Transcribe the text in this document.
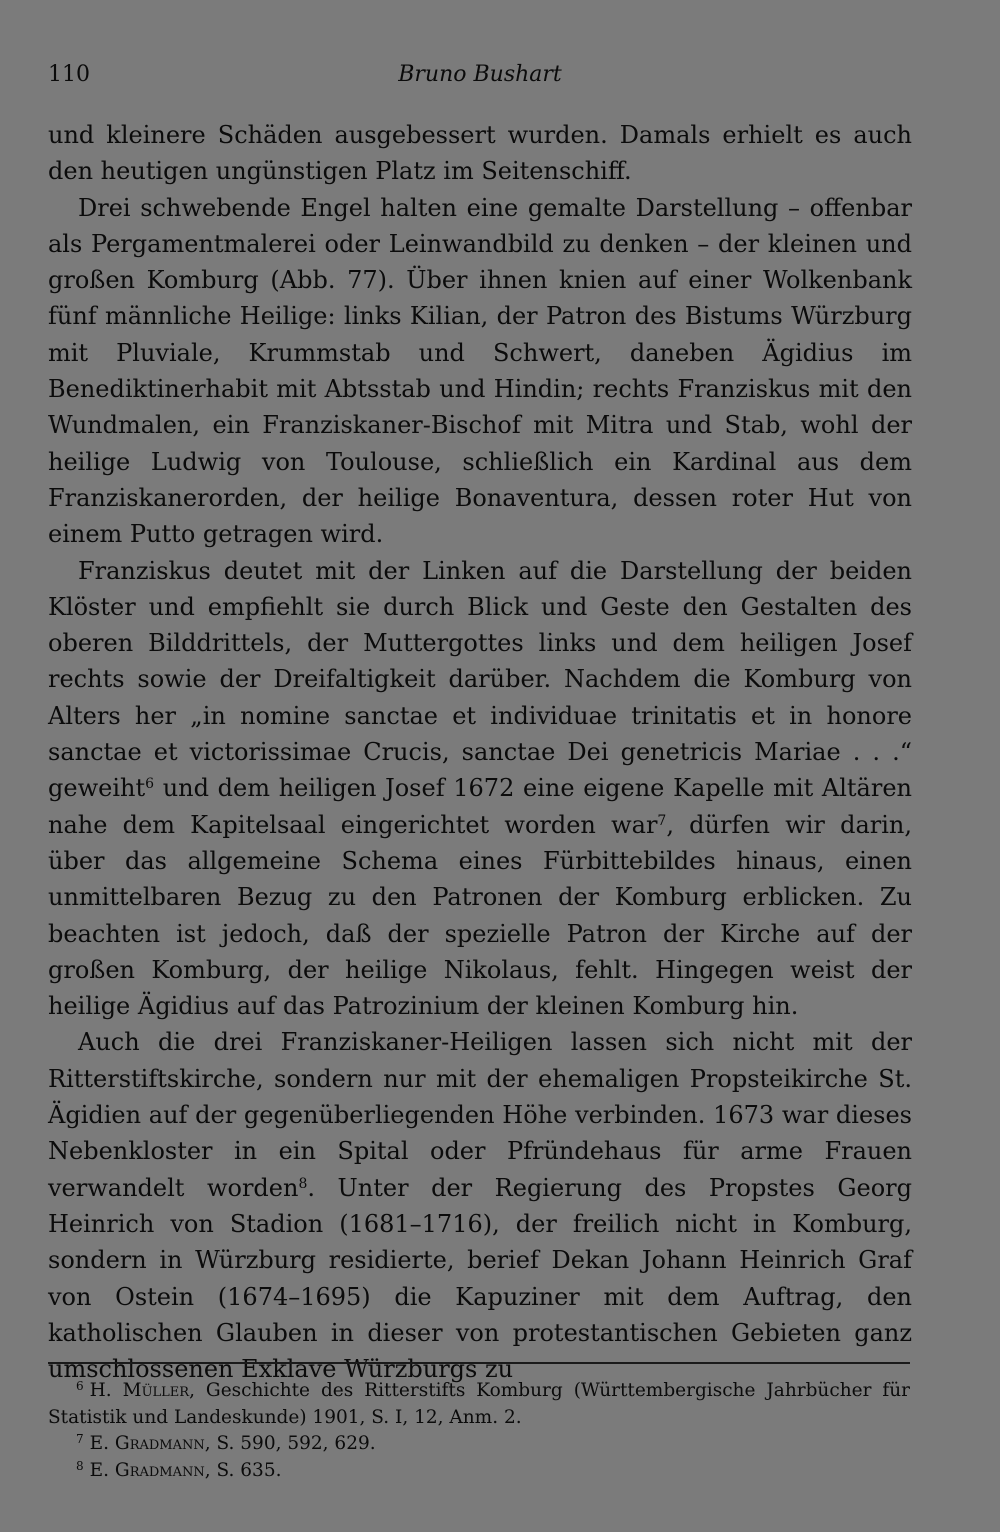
110	Bruno Bushart

und kleinere Schäden ausgebessert wurden. Damals erhielt es auch den heutigen ungünstigen Platz im Seitenschiff.

Drei schwebende Engel halten eine gemalte Darstellung – offenbar als Pergamentmalerei oder Leinwandbild zu denken – der kleinen und großen Komburg (Abb. 77). Über ihnen knien auf einer Wolkenbank fünf männliche Heilige: links Kilian, der Patron des Bistums Würzburg mit Pluviale, Krummstab und Schwert, daneben Ägidius im Benediktinerhabit mit Abtsstab und Hindin; rechts Franziskus mit den Wundmalen, ein Franziskaner-Bischof mit Mitra und Stab, wohl der heilige Ludwig von Toulouse, schließlich ein Kardinal aus dem Franziskanerorden, der heilige Bonaventura, dessen roter Hut von einem Putto getragen wird.

Franziskus deutet mit der Linken auf die Darstellung der beiden Klöster und empfiehlt sie durch Blick und Geste den Gestalten des oberen Bilddrittels, der Muttergottes links und dem heiligen Josef rechts sowie der Dreifaltigkeit darüber. Nachdem die Komburg von Alters her „in nomine sanctae et individuae trinitatis et in honore sanctae et victorissimae Crucis, sanctae Dei genetricis Mariae . . .“ geweiht$^6$ und dem heiligen Josef 1672 eine eigene Kapelle mit Altären nahe dem Kapitelsaal eingerichtet worden war$^7$, dürfen wir darin, über das allgemeine Schema eines Fürbittebildes hinaus, einen unmittelbaren Bezug zu den Patronen der Komburg erblicken. Zu beachten ist jedoch, daß der spezielle Patron der Kirche auf der großen Komburg, der heilige Nikolaus, fehlt. Hingegen weist der heilige Ägidius auf das Patrozinium der kleinen Komburg hin.

Auch die drei Franziskaner-Heiligen lassen sich nicht mit der Ritterstiftskirche, sondern nur mit der ehemaligen Propsteikirche St. Ägidien auf der gegenüberliegenden Höhe verbinden. 1673 war dieses Nebenkloster in ein Spital oder Pfründehaus für arme Frauen verwandelt worden$^8$. Unter der Regierung des Propstes Georg Heinrich von Stadion (1681–1716), der freilich nicht in Komburg, sondern in Würzburg residierte, berief Dekan Johann Heinrich Graf von Ostein (1674–1695) die Kapuziner mit dem Auftrag, den katholischen Glauben in dieser von protestantischen Gebieten ganz umschlossenen Exklave Würzburgs zu

$^6$ H. Müller, Geschichte des Ritterstifts Komburg (Württembergische Jahrbücher für Statistik und Landeskunde) 1901, S. I, 12, Anm. 2.

$^7$ E. Gradmann, S. 590, 592, 629.

$^8$ E. Gradmann, S. 635.
